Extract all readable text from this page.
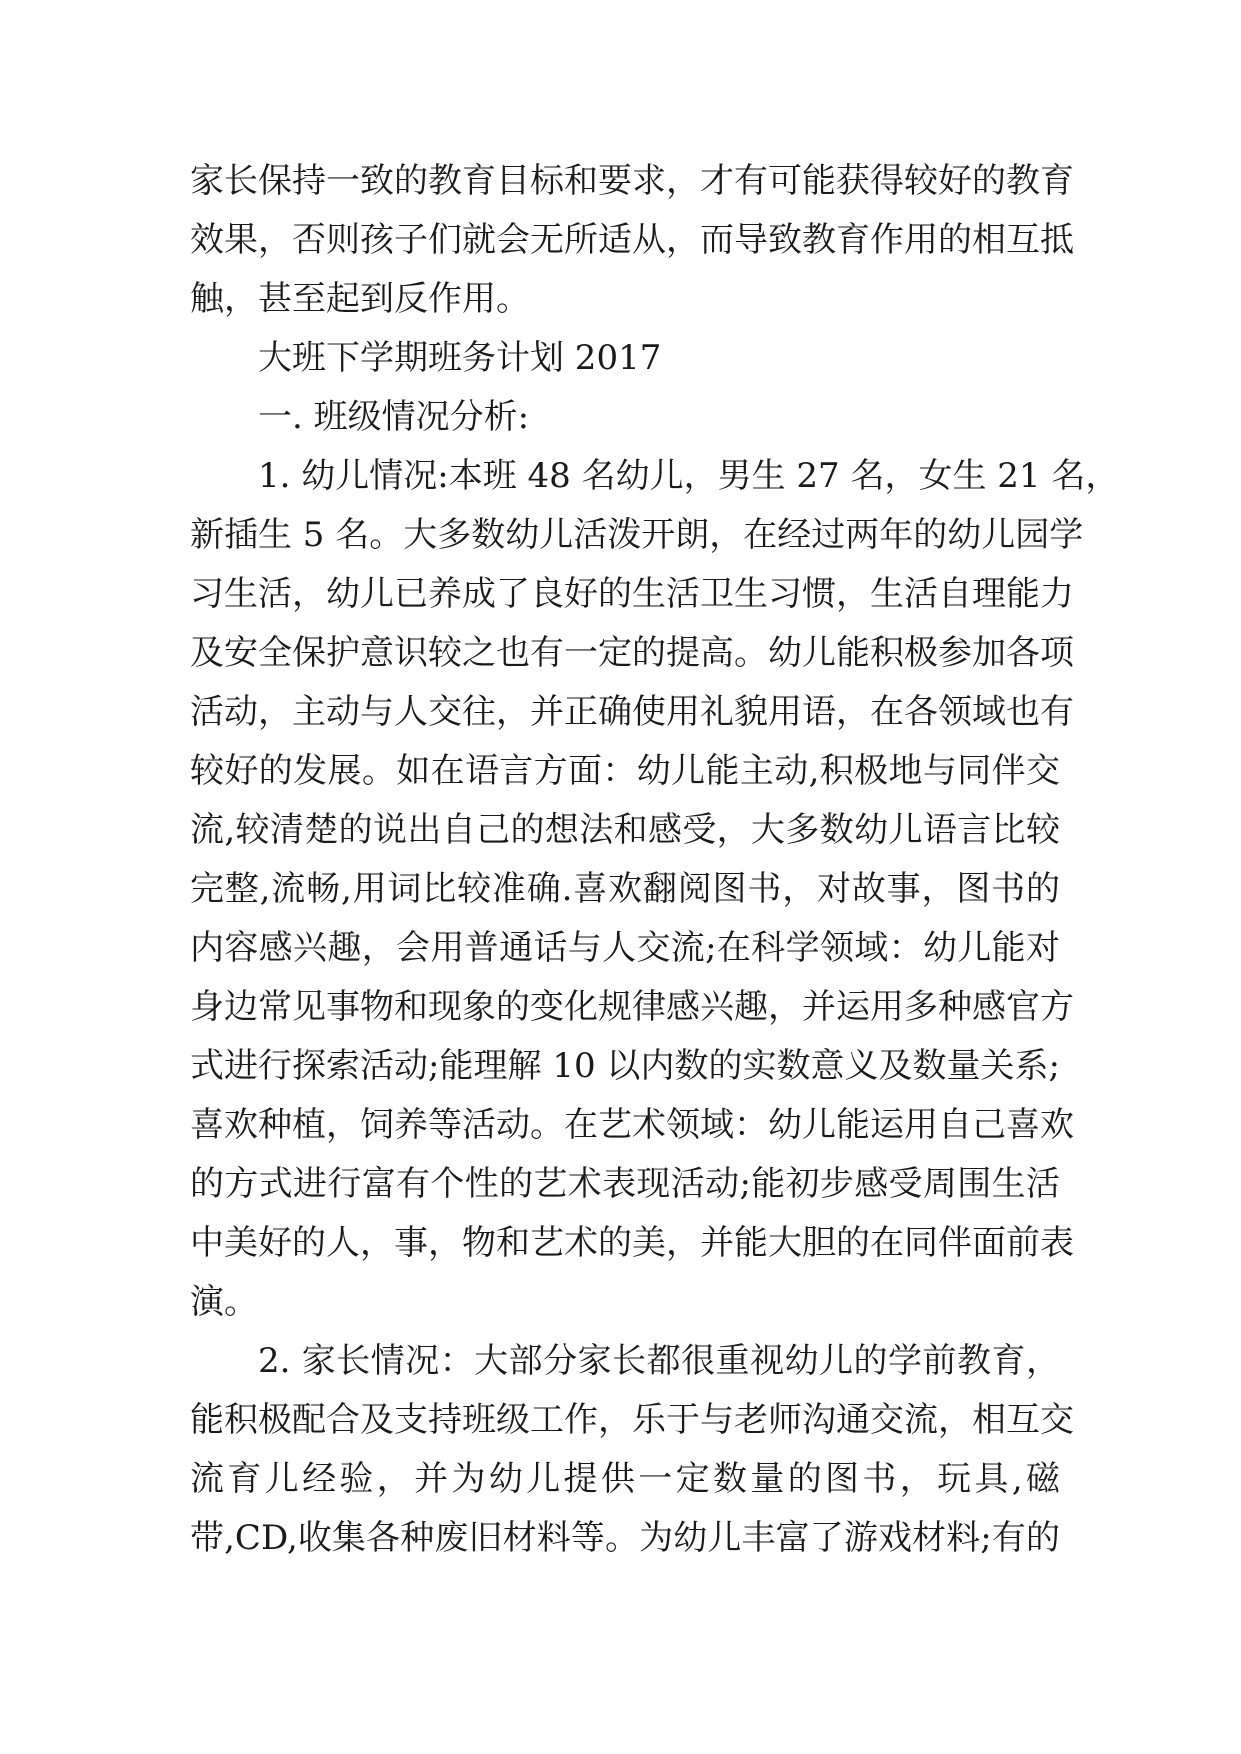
家长保持一致的教育目标和要求，才有可能获得较好的教育
效果，否则孩子们就会无所适从，而导致教育作用的相互抵
触，甚至起到反作用。
大班下学期班务计划 2017
一. 班级情况分析:
1. 幼儿情况:本班 48 名幼儿，男生 27 名，女生 21 名，
新插生 5 名。大多数幼儿活泼开朗，在经过两年的幼儿园学
习生活，幼儿已养成了良好的生活卫生习惯，生活自理能力
及安全保护意识较之也有一定的提高。幼儿能积极参加各项
活动，主动与人交往，并正确使用礼貌用语，在各领域也有
较好的发展。如在语言方面：幼儿能主动,积极地与同伴交
流,较清楚的说出自己的想法和感受，大多数幼儿语言比较
完整,流畅,用词比较准确.喜欢翻阅图书，对故事，图书的
内容感兴趣，会用普通话与人交流;在科学领域：幼儿能对
身边常见事物和现象的变化规律感兴趣，并运用多种感官方
式进行探索活动;能理解 10 以内数的实数意义及数量关系;
喜欢种植，饲养等活动。在艺术领域：幼儿能运用自己喜欢
的方式进行富有个性的艺术表现活动;能初步感受周围生活
中美好的人，事，物和艺术的美，并能大胆的在同伴面前表
演。
2. 家长情况：大部分家长都很重视幼儿的学前教育，
能积极配合及支持班级工作，乐于与老师沟通交流，相互交
流育儿经验，并为幼儿提供一定数量的图书，玩具,磁
带,CD,收集各种废旧材料等。为幼儿丰富了游戏材料;有的
